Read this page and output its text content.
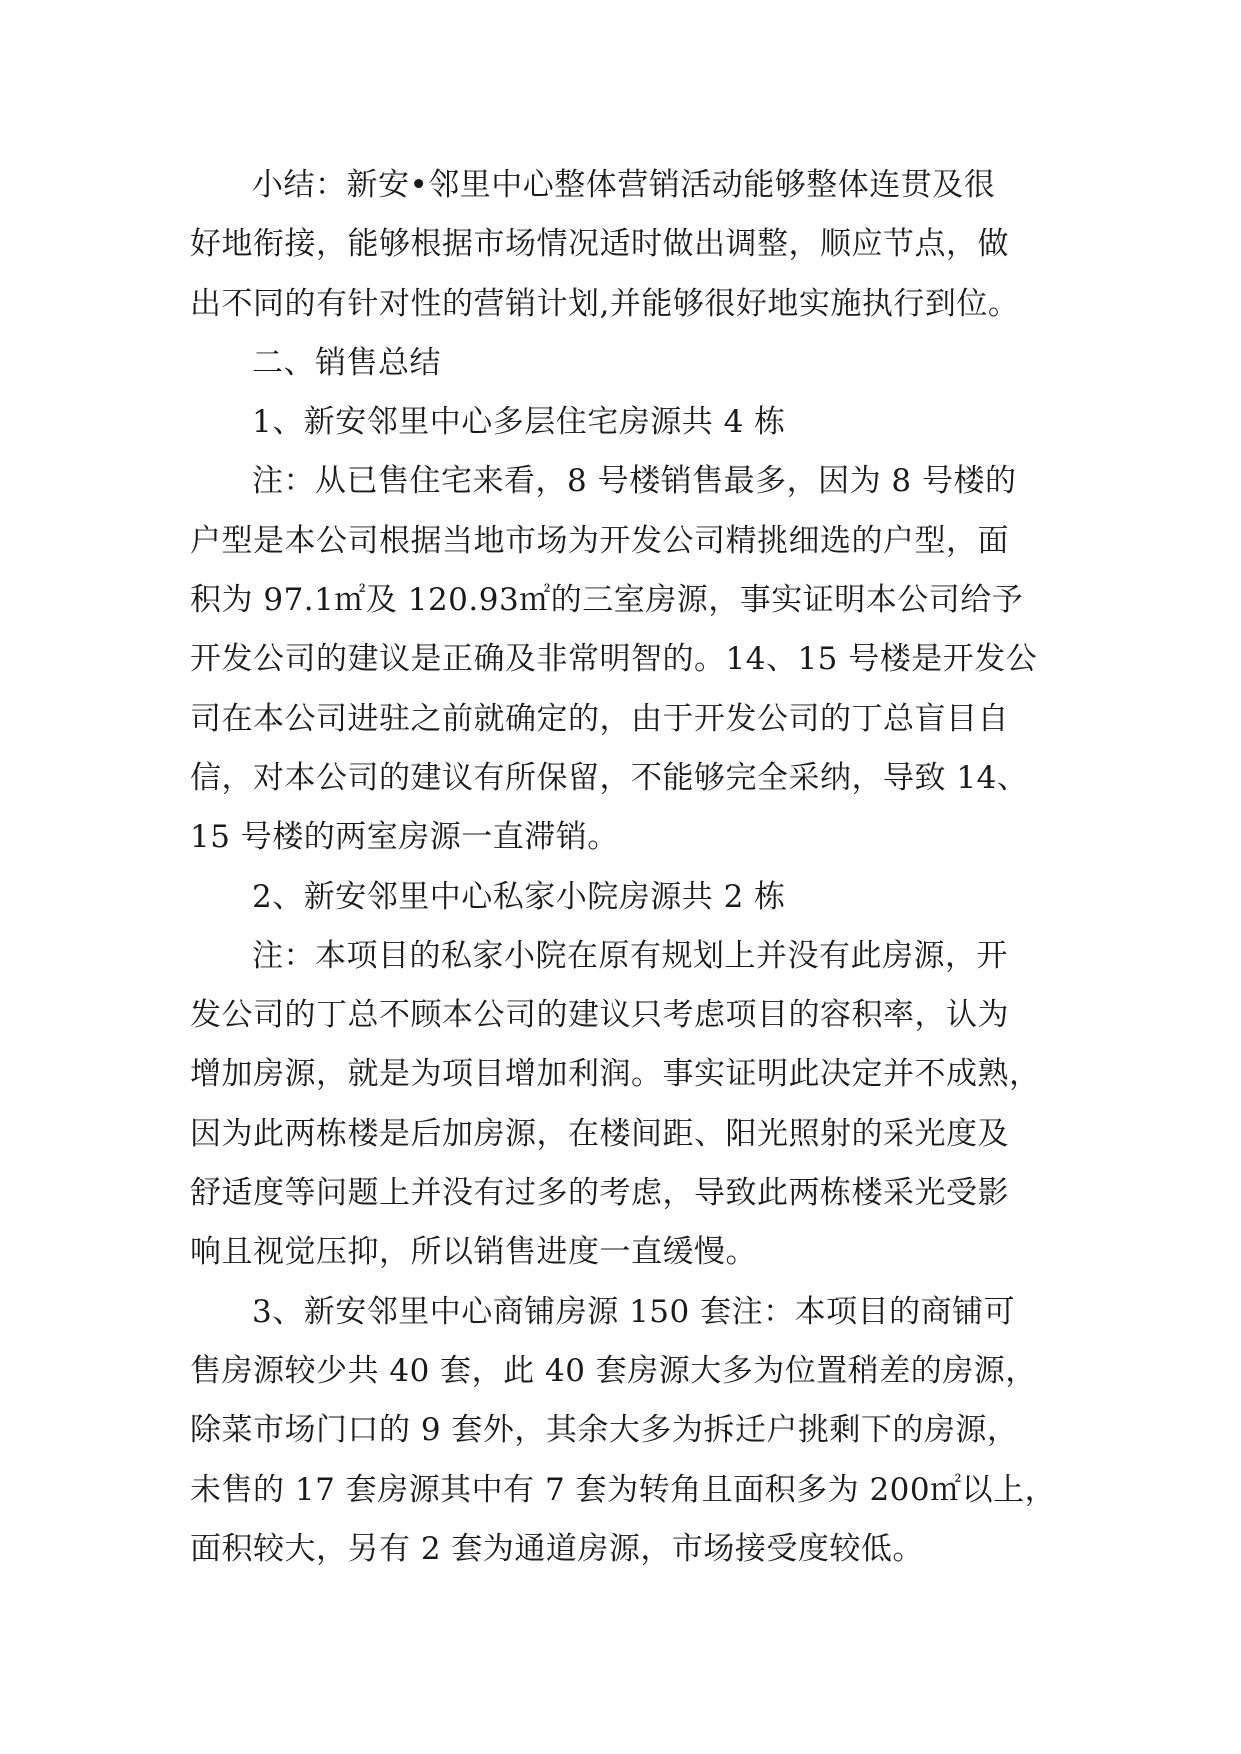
小结：新安•邻里中心整体营销活动能够整体连贯及很
好地衔接，能够根据市场情况适时做出调整，顺应节点，做
出不同的有针对性的营销计划,并能够很好地实施执行到位。
二、销售总结
1、新安邻里中心多层住宅房源共 4 栋
注：从已售住宅来看，8 号楼销售最多，因为 8 号楼的
户型是本公司根据当地市场为开发公司精挑细选的户型，面
积为 97.1㎡及 120.93㎡的三室房源，事实证明本公司给予
开发公司的建议是正确及非常明智的。14、15 号楼是开发公
司在本公司进驻之前就确定的，由于开发公司的丁总盲目自
信，对本公司的建议有所保留，不能够完全采纳，导致 14、
15 号楼的两室房源一直滞销。
2、新安邻里中心私家小院房源共 2 栋
注：本项目的私家小院在原有规划上并没有此房源，开
发公司的丁总不顾本公司的建议只考虑项目的容积率，认为
增加房源，就是为项目增加利润。事实证明此决定并不成熟，
因为此两栋楼是后加房源，在楼间距、阳光照射的采光度及
舒适度等问题上并没有过多的考虑，导致此两栋楼采光受影
响且视觉压抑，所以销售进度一直缓慢。
3、新安邻里中心商铺房源 150 套注：本项目的商铺可
售房源较少共 40 套，此 40 套房源大多为位置稍差的房源，
除菜市场门口的 9 套外，其余大多为拆迁户挑剩下的房源，
未售的 17 套房源其中有 7 套为转角且面积多为 200㎡以上，
面积较大，另有 2 套为通道房源，市场接受度较低。
